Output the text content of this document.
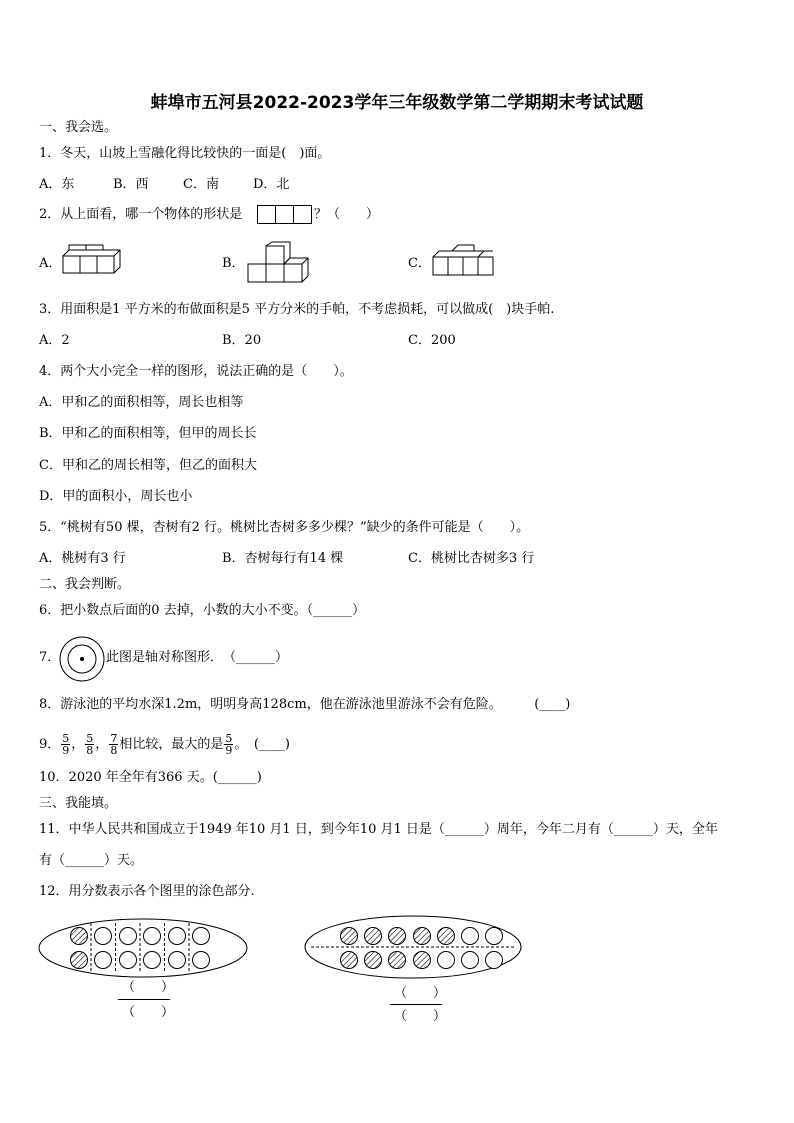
蚌埠市五河县2022-2023学年三年级数学第二学期期末考试试题
一、我会选。
1．冬天，山坡上雪融化得比较快的一面是(　)面。
A．东	B．西	C．南	D．北
2．从上面看，哪一个物体的形状是	？（　　）
A．	B．	C．
3．用面积是1 平方米的布做面积是5 平方分米的手帕，不考虑损耗，可以做成(　)块手帕.
A．2	B．20	C．200
4．两个大小完全一样的图形，说法正确的是（　　）。
A．甲和乙的面积相等，周长也相等
B．甲和乙的面积相等，但甲的周长长
C．甲和乙的周长相等，但乙的面积大
D．甲的面积小，周长也小
5．“桃树有50 棵，杏树有2 行。桃树比杏树多多少棵？”缺少的条件可能是（　　）。
A．桃树有3 行	B．杏树每行有14 棵	C．桃树比杏树多3 行
二、我会判断。
6．把小数点后面的0 去掉，小数的大小不变。（______）
7．	此图是轴对称图形．　（______）
8．游泳池的平均水深1.2m，明明身高128cm，他在游泳池里游泳不会有危险。　　　(____)
9． $\frac{5}{9}$ ， $\frac{5}{8}$ ， $\frac{7}{8}$ 相比较，最大的是 $\frac{5}{9}$ 。　(____)
10．2020 年全年有366 天。(______)
三、我能填。
11．中华人民共和国成立于1949 年10 月1 日，到今年10 月1 日是（______）周年，今年二月有（______）天，全年
有（______）天。
12．用分数表示各个图里的涂色部分.
（　　）
（　　）
（　　）
（　　）
